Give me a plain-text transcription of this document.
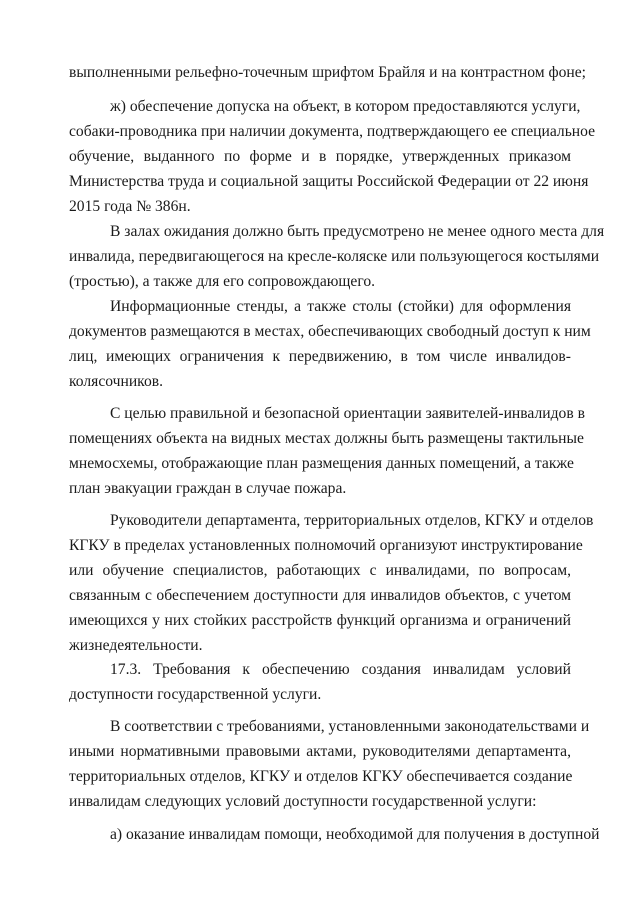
выполненными рельефно-точечным шрифтом Брайля и на контрастном фоне;
ж) обеспечение допуска на объект, в котором предоставляются услуги,
собаки-проводника при наличии документа, подтверждающего ее специальное
обучение, выданного по форме и в порядке, утвержденных приказом
Министерства труда и социальной защиты Российской Федерации от 22 июня
2015 года № 386н.
В залах ожидания должно быть предусмотрено не менее одного места для
инвалида, передвигающегося на кресле-коляске или пользующегося костылями
(тростью), а также для его сопровождающего.
Информационные стенды, а также столы (стойки) для оформления
документов размещаются в местах, обеспечивающих свободный доступ к ним
лиц, имеющих ограничения к передвижению, в том числе инвалидов-
колясочников.
С целью правильной и безопасной ориентации заявителей-инвалидов в
помещениях объекта на видных местах должны быть размещены тактильные
мнемосхемы, отображающие план размещения данных помещений, а также
план эвакуации граждан в случае пожара.
Руководители департамента, территориальных отделов, КГКУ и отделов
КГКУ в пределах установленных полномочий организуют инструктирование
или обучение специалистов, работающих с инвалидами, по вопросам,
связанным с обеспечением доступности для инвалидов объектов, с учетом
имеющихся у них стойких расстройств функций организма и ограничений
жизнедеятельности.
17.3. Требования к обеспечению создания инвалидам условий
доступности государственной услуги.
В соответствии с требованиями, установленными законодательствами и
иными нормативными правовыми актами, руководителями департамента,
территориальных отделов, КГКУ и отделов КГКУ обеспечивается создание
инвалидам следующих условий доступности государственной услуги:
а) оказание инвалидам помощи, необходимой для получения в доступной
